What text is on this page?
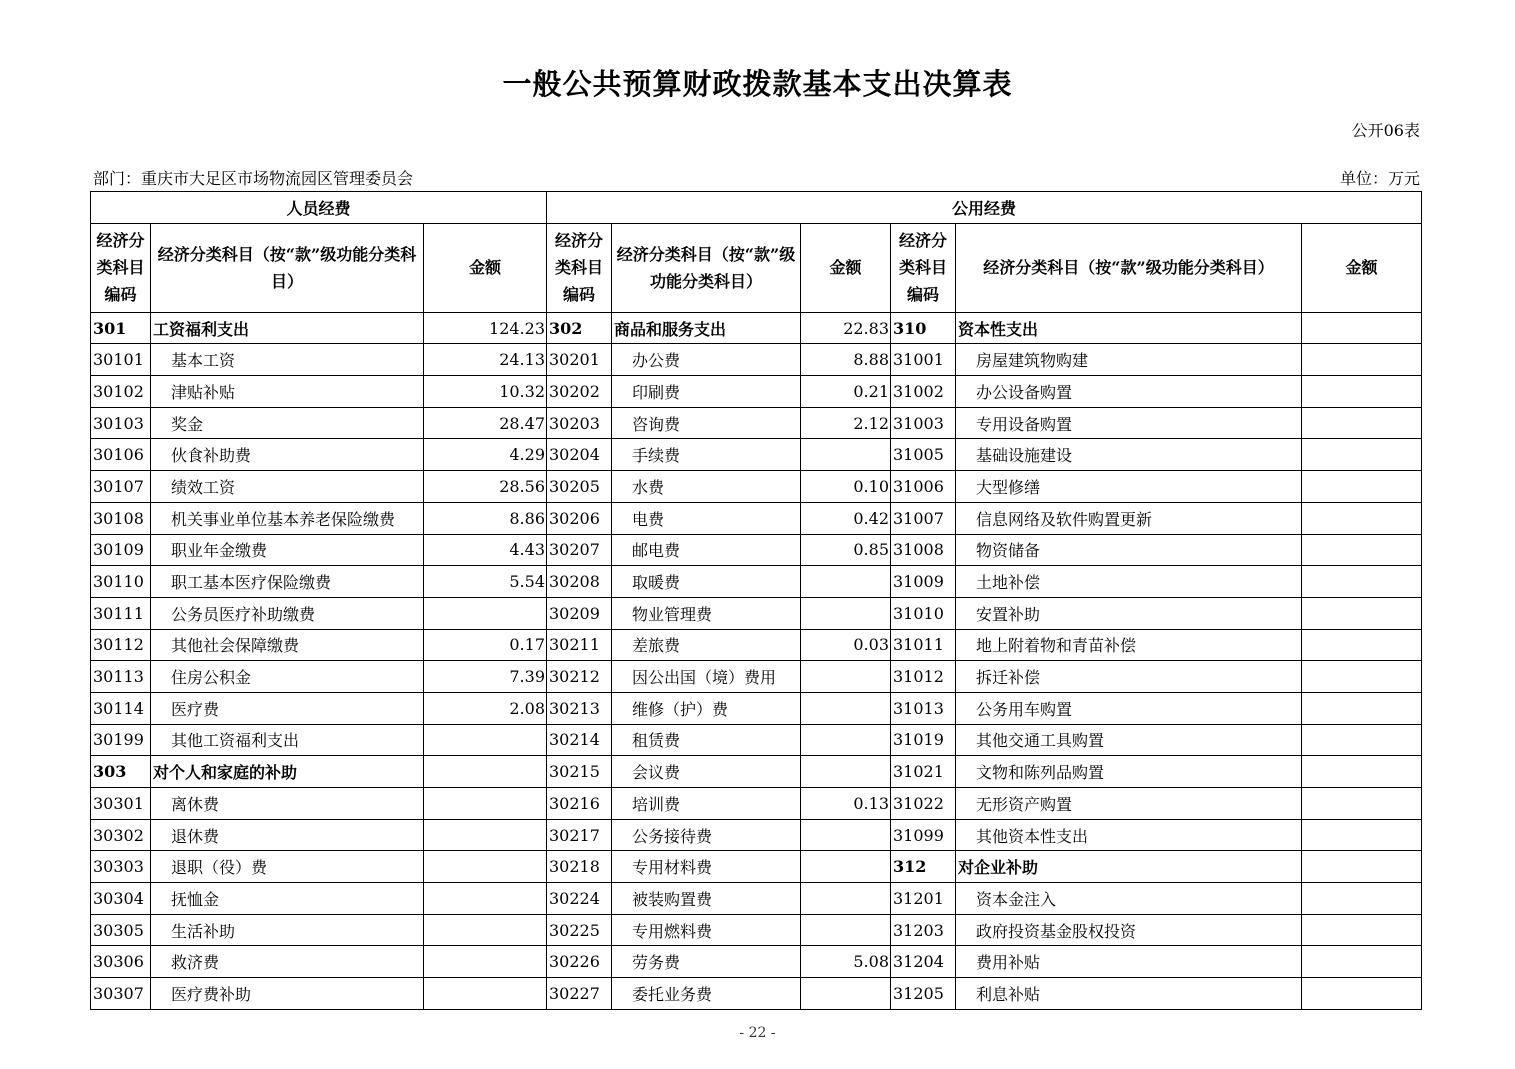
一般公共预算财政拨款基本支出决算表
公开06表
部门：重庆市大足区市场物流园区管理委员会	单位：万元
人员经费			公用经费					
经济分类科目编码	经济分类科目（按“款”级功能分类科目）	金额	经济分类科目编码	经济分类科目（按“款”级功能分类科目）	金额	经济分类科目编码	经济分类科目（按“款”级功能分类科目）	金额
301	工资福利支出	124.23	302	商品和服务支出	22.83	310	资本性支出	
30101	基本工资	24.13	30201	办公费	8.88	31001	房屋建筑物购建	
30102	津贴补贴	10.32	30202	印刷费	0.21	31002	办公设备购置	
30103	奖金	28.47	30203	咨询费	2.12	31003	专用设备购置	
30106	伙食补助费	4.29	30204	手续费		31005	基础设施建设	
30107	绩效工资	28.56	30205	水费	0.10	31006	大型修缮	
30108	机关事业单位基本养老保险缴费	8.86	30206	电费	0.42	31007	信息网络及软件购置更新	
30109	职业年金缴费	4.43	30207	邮电费	0.85	31008	物资储备	
30110	职工基本医疗保险缴费	5.54	30208	取暖费		31009	土地补偿	
30111	公务员医疗补助缴费		30209	物业管理费		31010	安置补助	
30112	其他社会保障缴费	0.17	30211	差旅费	0.03	31011	地上附着物和青苗补偿	
30113	住房公积金	7.39	30212	因公出国（境）费用		31012	拆迁补偿	
30114	医疗费	2.08	30213	维修（护）费		31013	公务用车购置	
30199	其他工资福利支出		30214	租赁费		31019	其他交通工具购置	
303	对个人和家庭的补助		30215	会议费		31021	文物和陈列品购置	
30301	离休费		30216	培训费	0.13	31022	无形资产购置	
30302	退休费		30217	公务接待费		31099	其他资本性支出	
30303	退职（役）费		30218	专用材料费		312	对企业补助	
30304	抚恤金		30224	被装购置费		31201	资本金注入	
30305	生活补助		30225	专用燃料费		31203	政府投资基金股权投资	
30306	救济费		30226	劳务费	5.08	31204	费用补贴	
30307	医疗费补助		30227	委托业务费		31205	利息补贴	
- 22 -
